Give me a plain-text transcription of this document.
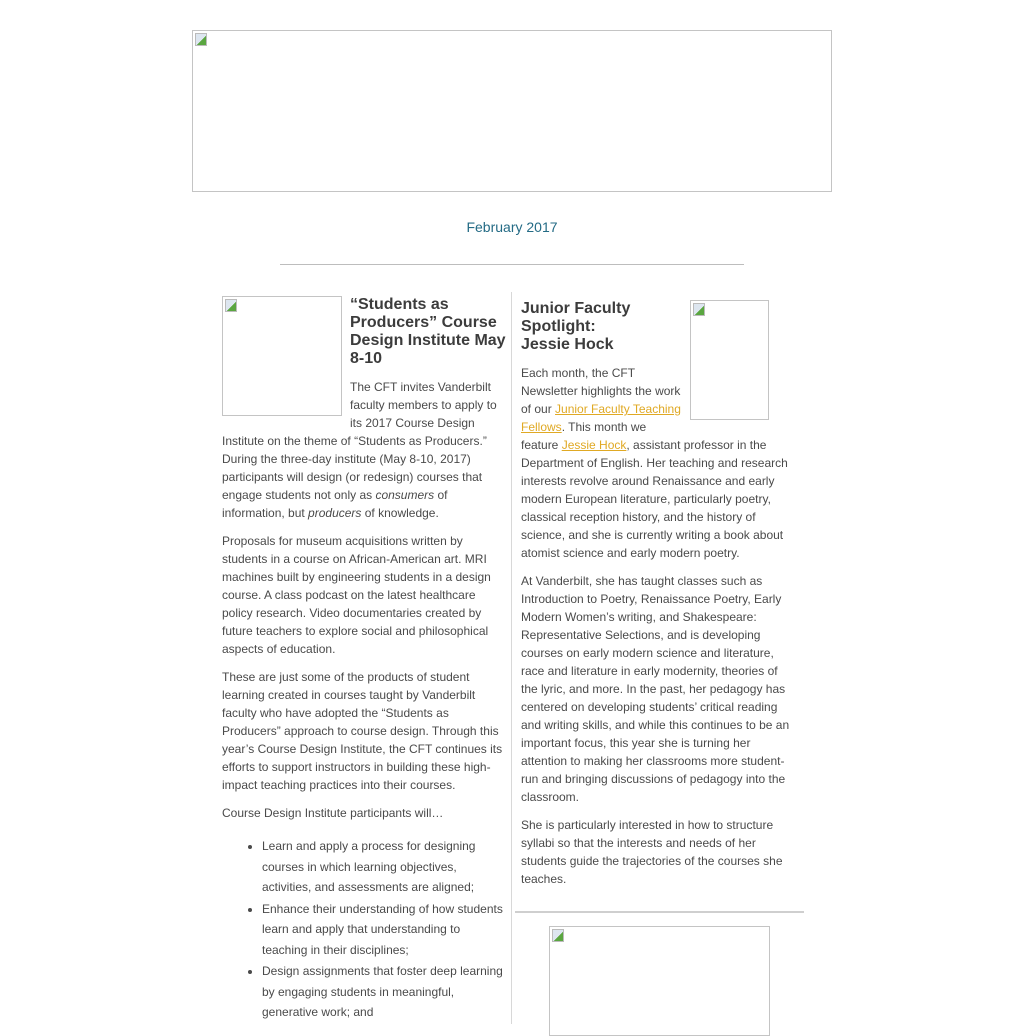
February 2017
“Students as Producers” Course Design Institute May 8-10

The CFT invites Vanderbilt faculty members to apply to its 2017 Course Design Institute on the theme of “Students as Producers.” During the three-day institute (May 8-10, 2017) participants will design (or redesign) courses that engage students not only as consumers of information, but producers of knowledge.

Proposals for museum acquisitions written by students in a course on African-American art. MRI machines built by engineering students in a design course. A class podcast on the latest healthcare policy research. Video documentaries created by future teachers to explore social and philosophical aspects of education.

These are just some of the products of student learning created in courses taught by Vanderbilt faculty who have adopted the “Students as Producers” approach to course design. Through this year’s Course Design Institute, the CFT continues its efforts to support instructors in building these high-impact teaching practices into their courses.

Course Design Institute participants will…

• Learn and apply a process for designing courses in which learning objectives, activities, and assessments are aligned;
• Enhance their understanding of how students learn and apply that understanding to teaching in their disciplines;
• Design assignments that foster deep learning by engaging students in meaningful, generative work; and
Junior Faculty Spotlight:
Jessie Hock

Each month, the CFT Newsletter highlights the work of our Junior Faculty Teaching Fellows. This month we feature Jessie Hock, assistant professor in the Department of English. Her teaching and research interests revolve around Renaissance and early modern European literature, particularly poetry, classical reception history, and the history of science, and she is currently writing a book about atomist science and early modern poetry.

At Vanderbilt, she has taught classes such as Introduction to Poetry, Renaissance Poetry, Early Modern Women’s writing, and Shakespeare: Representative Selections, and is developing courses on early modern science and literature, race and literature in early modernity, theories of the lyric, and more. In the past, her pedagogy has centered on developing students’ critical reading and writing skills, and while this continues to be an important focus, this year she is turning her attention to making her classrooms more student-run and bringing discussions of pedagogy into the classroom.

She is particularly interested in how to structure syllabi so that the interests and needs of her students guide the trajectories of the courses she teaches.
